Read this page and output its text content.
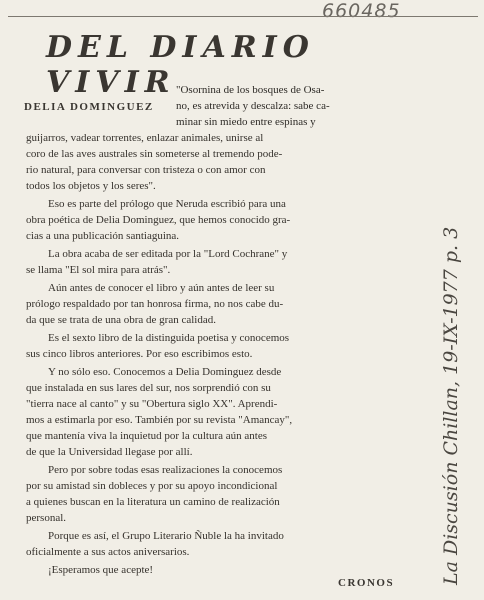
660485
DEL DIARIO VIVIR
DELIA DOMINGUEZ
"Osornina de los bosques de Osa-
no, es atrevida y descalza: sabe ca-
minar sin miedo entre espinas y
guijarros, vadear torrentes, enlazar animales, unirse al
coro de las aves australes sin someterse al tremendo pode-
rio natural, para conversar con tristeza o con amor con
todos los objetos y los seres".
Eso es parte del prólogo que Neruda escribió para una
obra poética de Delia Dominguez, que hemos conocido gra-
cias a una publicación santiaguina.
La obra acaba de ser editada por la "Lord Cochrane" y
se llama "El sol mira para atrás".
Aún antes de conocer el libro y aún antes de leer su
prólogo respaldado por tan honrosa firma, no nos cabe du-
da que se trata de una obra de gran calidad.
Es el sexto libro de la distinguida poetisa y conocemos
sus cinco libros anteriores. Por eso escribimos esto.
Y no sólo eso. Conocemos a Delia Dominguez desde
que instalada en sus lares del sur, nos sorprendió con su
"tierra nace al canto" y su "Obertura siglo XX". Aprendi-
mos a estimarla por eso. También por su revista "Amancay",
que mantenía viva la inquietud por la cultura aún antes
de que la Universidad llegase por allí.
Pero por sobre todas esas realizaciones la conocemos
por su amistad sin dobleces y por su apoyo incondicional
a quienes buscan en la literatura un camino de realización
personal.
Porque es así, el Grupo Literario Ñuble la ha invitado
oficialmente a sus actos aniversarios.
¡Esperamos que acepte!
CRONOS La Discusión Chillan, 19-IX-1977 p. 3
